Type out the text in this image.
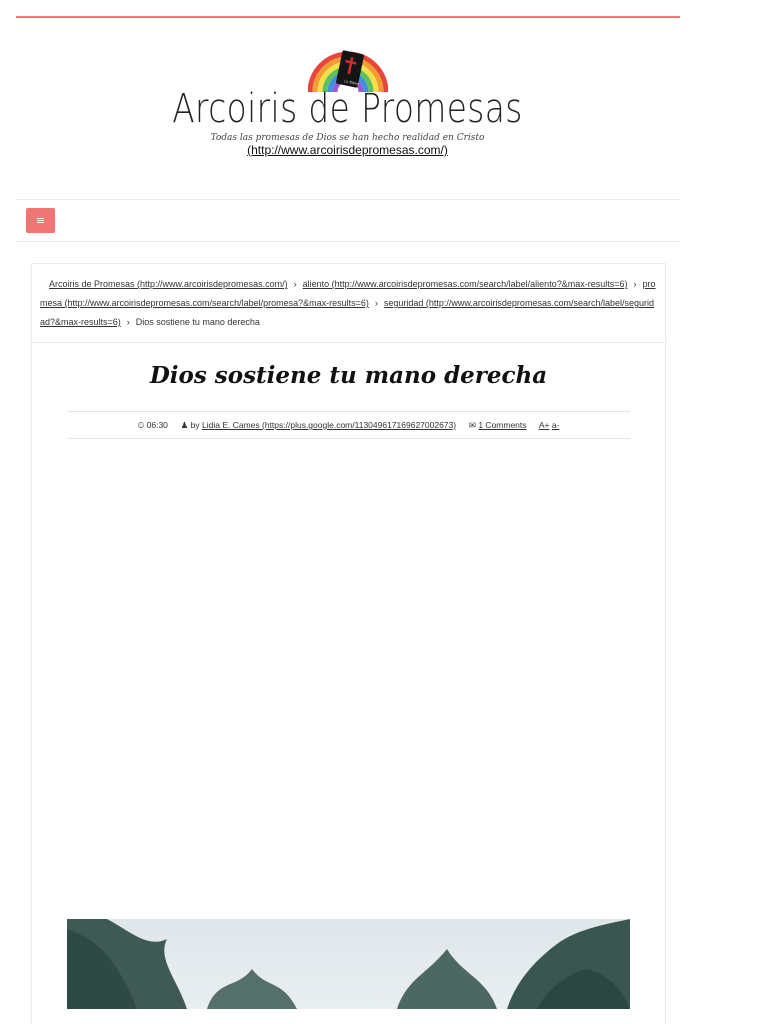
La Biblia
Arcoiris de Promesas
Todas las promesas de Dios se han hecho realidad en Cristo
(http://www.arcoirisdepromesas.com/)
≡
Arcoiris de Promesas (http://www.arcoirisdepromesas.com/) › aliento (http://www.arcoirisdepromesas.com/search/label/aliento?&max-results=6) › promesa (http://www.arcoirisdepromesas.com/search/label/promesa?&max-results=6) › seguridad (http://www.arcoirisdepromesas.com/search/label/seguridad?&max-results=6) › Dios sostiene tu mano derecha
Dios sostiene tu mano derecha
⏲ 06:30 ♟ by Lidia E. Cames (https://plus.google.com/113049617169627002673) ✉ 1 Comments A+ a-
